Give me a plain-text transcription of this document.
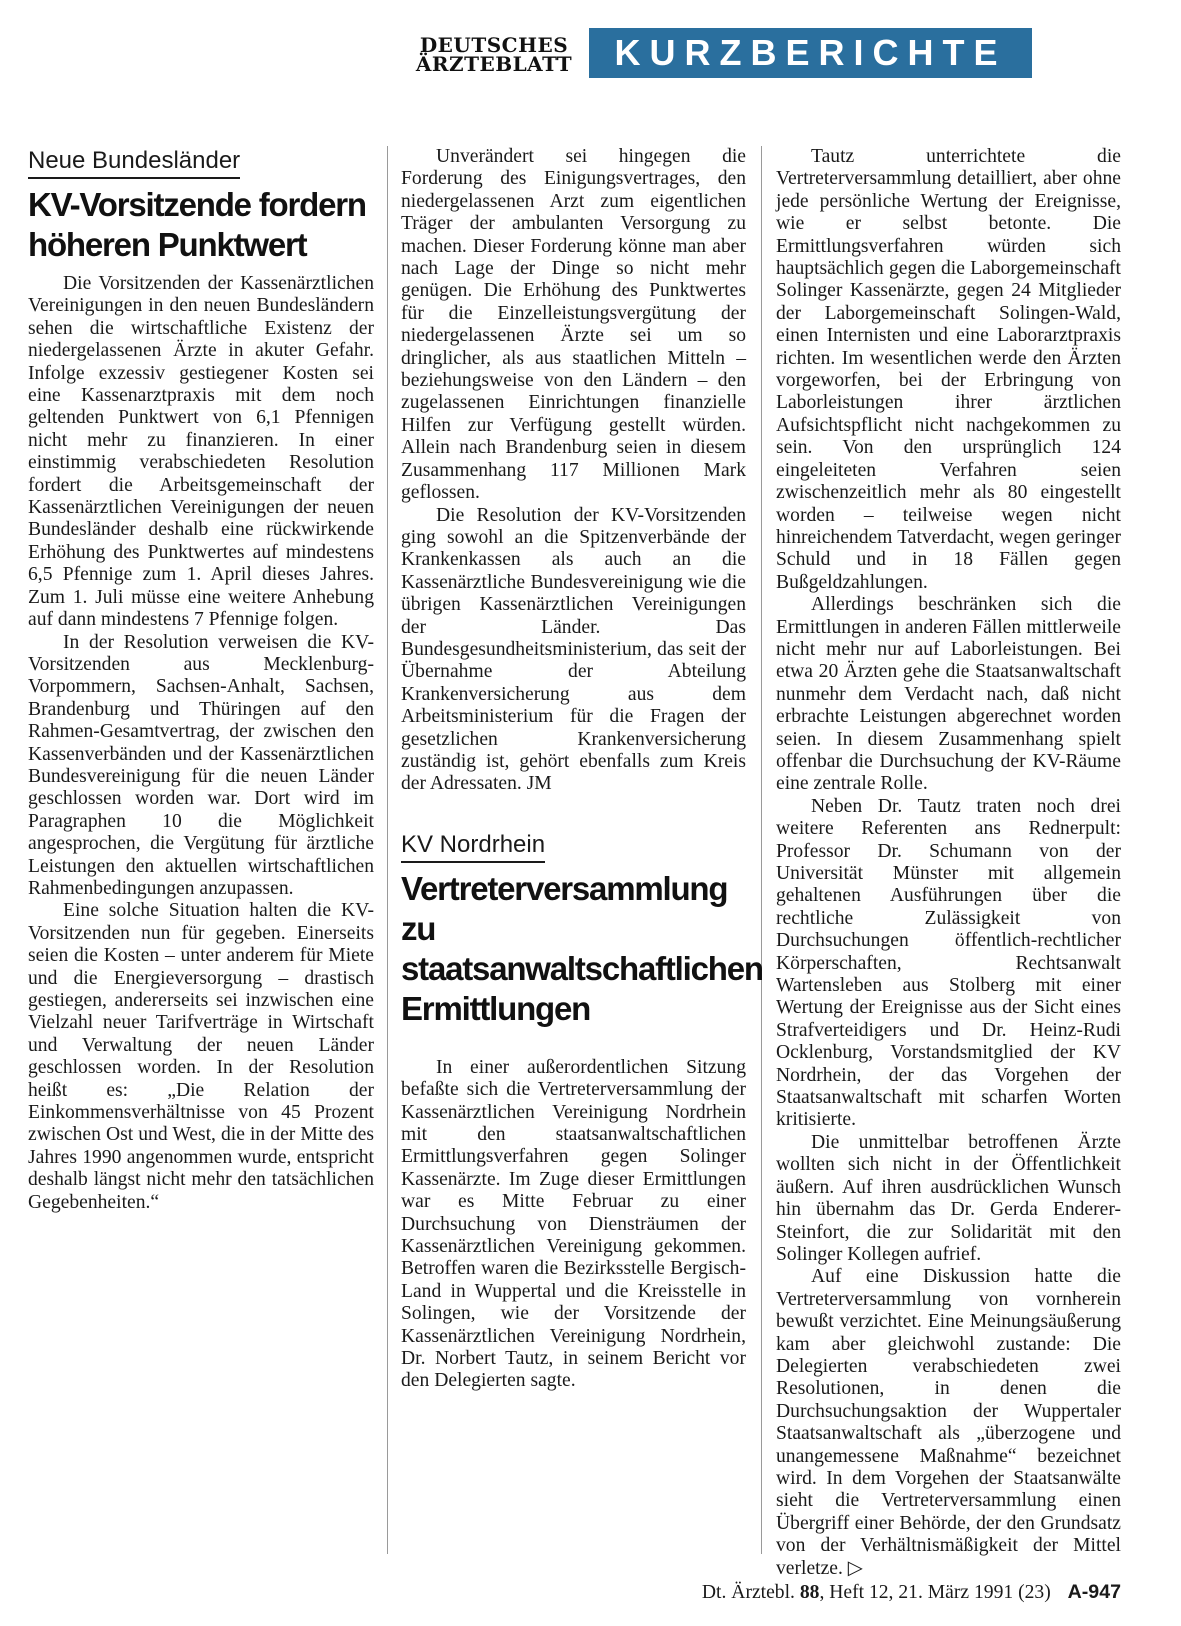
DEUTSCHES
ÄRZTEBLATT	KURZBERICHTE
Neue Bundesländer
KV-Vorsitzende fordern höheren Punktwert

Die Vorsitzenden der Kassenärztlichen Vereinigungen in den neuen Bundesländern sehen die wirtschaftliche Existenz der niedergelassenen Ärzte in akuter Gefahr. Infolge exzessiv gestiegener Kosten sei eine Kassenarztpraxis mit dem noch geltenden Punktwert von 6,1 Pfennigen nicht mehr zu finanzieren. In einer einstimmig verabschiedeten Resolution fordert die Arbeitsgemeinschaft der Kassenärztlichen Vereinigungen der neuen Bundesländer deshalb eine rückwirkende Erhöhung des Punktwertes auf mindestens 6,5 Pfennige zum 1. April dieses Jahres. Zum 1. Juli müsse eine weitere Anhebung auf dann mindestens 7 Pfennige folgen.

In der Resolution verweisen die KV-Vorsitzenden aus Mecklenburg-Vorpommern, Sachsen-Anhalt, Sachsen, Brandenburg und Thüringen auf den Rahmen-Gesamtvertrag, der zwischen den Kassenverbänden und der Kassenärztlichen Bundesvereinigung für die neuen Länder geschlossen worden war. Dort wird im Paragraphen 10 die Möglichkeit angesprochen, die Vergütung für ärztliche Leistungen den aktuellen wirtschaftlichen Rahmenbedingungen anzupassen.

Eine solche Situation halten die KV-Vorsitzenden nun für gegeben. Einerseits seien die Kosten – unter anderem für Miete und die Energieversorgung – drastisch gestiegen, andererseits sei inzwischen eine Vielzahl neuer Tarifverträge in Wirtschaft und Verwaltung der neuen Länder geschlossen worden. In der Resolution heißt es: „Die Relation der Einkommensverhältnisse von 45 Prozent zwischen Ost und West, die in der Mitte des Jahres 1990 angenommen wurde, entspricht deshalb längst nicht mehr den tatsächlichen Gegebenheiten.“

Unverändert sei hingegen die Forderung des Einigungsvertrages, den niedergelassenen Arzt zum eigentlichen Träger der ambulanten Versorgung zu machen. Dieser Forderung könne man aber nach Lage der Dinge so nicht mehr genügen. Die Erhöhung des Punktwertes für die Einzelleistungsvergütung der niedergelassenen Ärzte sei um so dringlicher, als aus staatlichen Mitteln – beziehungsweise von den Ländern – den zugelassenen Einrichtungen finanzielle Hilfen zur Verfügung gestellt würden. Allein nach Brandenburg seien in diesem Zusammenhang 117 Millionen Mark geflossen.

Die Resolution der KV-Vorsitzenden ging sowohl an die Spitzenverbände der Krankenkassen als auch an die Kassenärztliche Bundesvereinigung wie die übrigen Kassenärztlichen Vereinigungen der Länder. Das Bundesgesundheitsministerium, das seit der Übernahme der Abteilung Krankenversicherung aus dem Arbeitsministerium für die Fragen der gesetzlichen Krankenversicherung zuständig ist, gehört ebenfalls zum Kreis der Adressaten. JM

KV Nordrhein
Vertreterversammlung zu staatsanwaltschaftlichen Ermittlungen

In einer außerordentlichen Sitzung befaßte sich die Vertreterversammlung der Kassenärztlichen Vereinigung Nordrhein mit den staatsanwaltschaftlichen Ermittlungsverfahren gegen Solinger Kassenärzte. Im Zuge dieser Ermittlungen war es Mitte Februar zu einer Durchsuchung von Diensträumen der Kassenärztlichen Vereinigung gekommen. Betroffen waren die Bezirksstelle Bergisch-Land in Wuppertal und die Kreisstelle in Solingen, wie der Vorsitzende der Kassenärztlichen Vereinigung Nordrhein, Dr. Norbert Tautz, in seinem Bericht vor den Delegierten sagte.

Tautz unterrichtete die Vertreterversammlung detailliert, aber ohne jede persönliche Wertung der Ereignisse, wie er selbst betonte. Die Ermittlungsverfahren würden sich hauptsächlich gegen die Laborgemeinschaft Solinger Kassenärzte, gegen 24 Mitglieder der Laborgemeinschaft Solingen-Wald, einen Internisten und eine Laborarztpraxis richten. Im wesentlichen werde den Ärzten vorgeworfen, bei der Erbringung von Laborleistungen ihrer ärztlichen Aufsichtspflicht nicht nachgekommen zu sein. Von den ursprünglich 124 eingeleiteten Verfahren seien zwischenzeitlich mehr als 80 eingestellt worden – teilweise wegen nicht hinreichendem Tatverdacht, wegen geringer Schuld und in 18 Fällen gegen Bußgeldzahlungen.

Allerdings beschränken sich die Ermittlungen in anderen Fällen mittlerweile nicht mehr nur auf Laborleistungen. Bei etwa 20 Ärzten gehe die Staatsanwaltschaft nunmehr dem Verdacht nach, daß nicht erbrachte Leistungen abgerechnet worden seien. In diesem Zusammenhang spielt offenbar die Durchsuchung der KV-Räume eine zentrale Rolle.

Neben Dr. Tautz traten noch drei weitere Referenten ans Rednerpult: Professor Dr. Schumann von der Universität Münster mit allgemein gehaltenen Ausführungen über die rechtliche Zulässigkeit von Durchsuchungen öffentlich-rechtlicher Körperschaften, Rechtsanwalt Wartensleben aus Stolberg mit einer Wertung der Ereignisse aus der Sicht eines Strafverteidigers und Dr. Heinz-Rudi Ocklenburg, Vorstandsmitglied der KV Nordrhein, der das Vorgehen der Staatsanwaltschaft mit scharfen Worten kritisierte.

Die unmittelbar betroffenen Ärzte wollten sich nicht in der Öffentlichkeit äußern. Auf ihren ausdrücklichen Wunsch hin übernahm das Dr. Gerda Enderer-Steinfort, die zur Solidarität mit den Solinger Kollegen aufrief.

Auf eine Diskussion hatte die Vertreterversammlung von vornherein bewußt verzichtet. Eine Meinungsäußerung kam aber gleichwohl zustande: Die Delegierten verabschiedeten zwei Resolutionen, in denen die Durchsuchungsaktion der Wuppertaler Staatsanwaltschaft als „überzogene und unangemessene Maßnahme“ bezeichnet wird. In dem Vorgehen der Staatsanwälte sieht die Vertreterversammlung einen Übergriff einer Behörde, der den Grundsatz von der Verhältnismäßigkeit der Mittel verletze. ▷

Dt. Ärztebl. 88, Heft 12, 21. März 1991 (23) A-947
